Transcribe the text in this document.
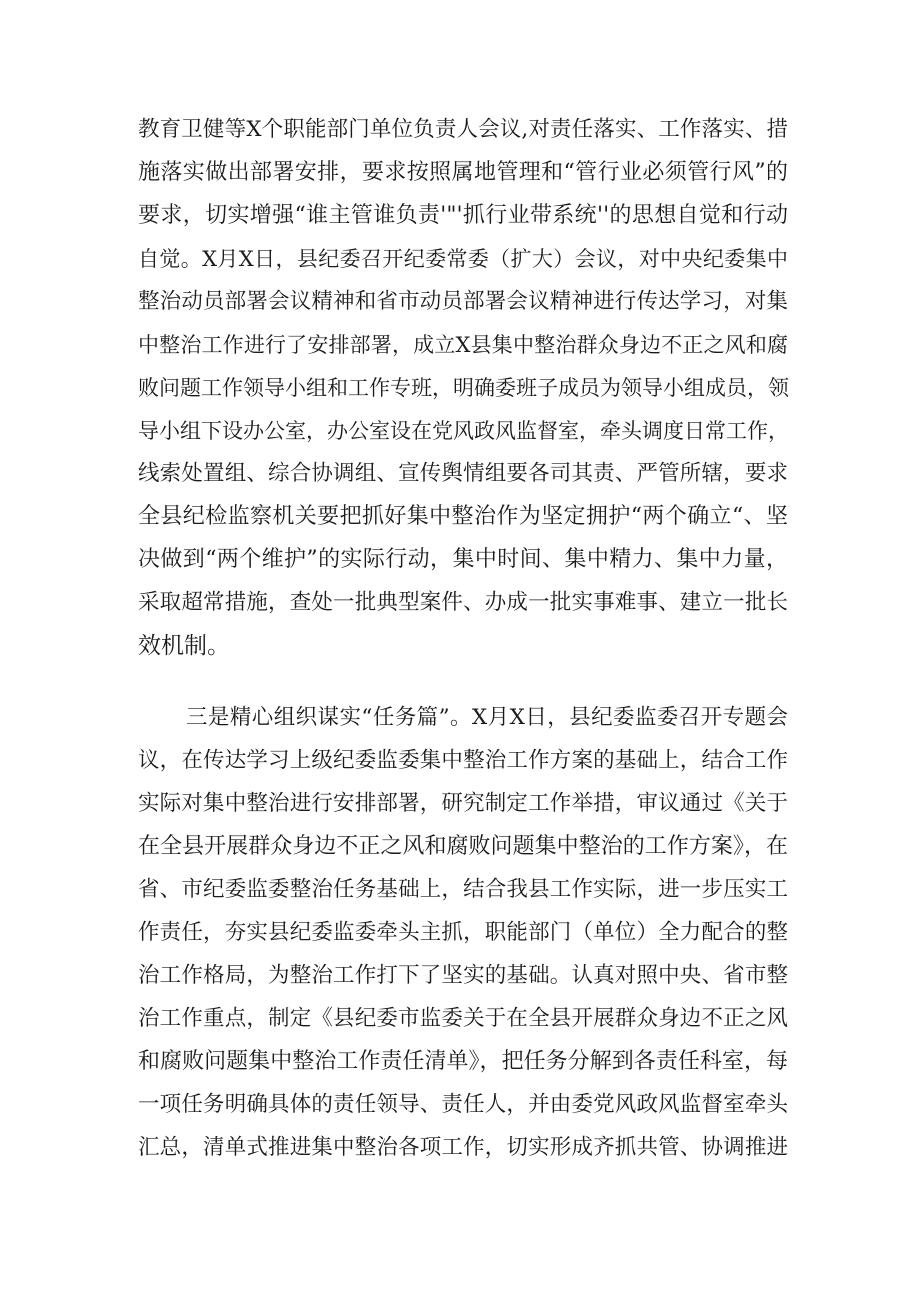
教育卫健等X个职能部门单位负责人会议,对责任落实、工作落实、措
施落实做出部署安排，要求按照属地管理和“管行业必须管行风”的
要求，切实增强“谁主管谁负责'"'抓行业带系统''的思想自觉和行动
自觉。X月X日，县纪委召开纪委常委（扩大）会议，对中央纪委集中
整治动员部署会议精神和省市动员部署会议精神进行传达学习，对集
中整治工作进行了安排部署，成立X县集中整治群众身边不正之风和腐
败问题工作领导小组和工作专班，明确委班子成员为领导小组成员，领
导小组下设办公室，办公室设在党风政风监督室，牵头调度日常工作，
线索处置组、综合协调组、宣传舆情组要各司其责、严管所辖，要求
全县纪检监察机关要把抓好集中整治作为坚定拥护“两个确立“、坚
决做到“两个维护”的实际行动，集中时间、集中精力、集中力量，
采取超常措施，查处一批典型案件、办成一批实事难事、建立一批长
效机制。
三是精心组织谋实“任务篇”。X月X日，县纪委监委召开专题会
议，在传达学习上级纪委监委集中整治工作方案的基础上，结合工作
实际对集中整治进行安排部署，研究制定工作举措，审议通过《关于
在全县开展群众身边不正之风和腐败问题集中整治的工作方案》，在
省、市纪委监委整治任务基础上，结合我县工作实际，进一步压实工
作责任，夯实县纪委监委牵头主抓，职能部门（单位）全力配合的整
治工作格局，为整治工作打下了坚实的基础。认真对照中央、省市整
治工作重点，制定《县纪委市监委关于在全县开展群众身边不正之风
和腐败问题集中整治工作责任清单》，把任务分解到各责任科室，每
一项任务明确具体的责任领导、责任人，并由委党风政风监督室牵头
汇总，清单式推进集中整治各项工作，切实形成齐抓共管、协调推进
